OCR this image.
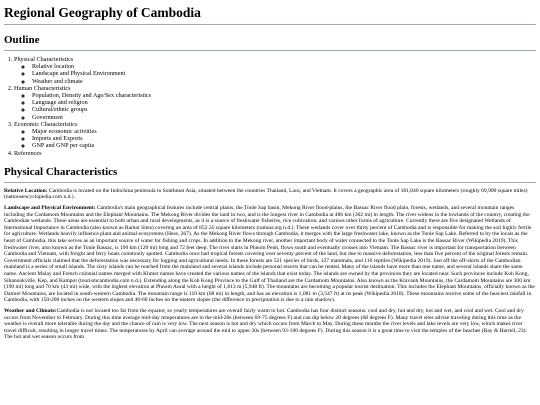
Regional Geography of Cambodia
Outline
1. Physical Characteristics
◦ Relative location
◦ Landscape and Physical Environment
◦ Weather and climate
2. Human Characteristics
◦ Population, Density and Age/Sex characteristics
◦ Language and religion
◦ Cultural/ethnic groups
◦ Government
3. Economic Characteristics
◦ Major economic activities
◦ Imports and Exports
◦ GNP and GNP per capita
4. References
Physical Characteristics

Relative Location: Cambodia is located on the Indochina peninsula in Southeast Asia, situated between the countries Thailand, Laos, and Vietnam. It covers a geographic area of 181,040 square kilometers (roughly 69,900 square miles) (nationsencyclopedia.com n.d.).

Landscape and Physical Environment: Cambodia's main geographical features include central plains, the Tonle Sap basin, Mekong River flood-plains, the Bassac River flood plain, forests, wetlands, and several mountain ranges including the Cardamom Mountains and the Elephant Mountains. The Mekong River divides the land in two, and is the longest river in Cambodia at 486 km (302 mi) in length. The river widens in the lowlands of the country, creating the Cambodian wetlands. These areas are essential to both urban and rural developments, as it is a source of freshwater fisheries, rice cultivation, and various other forms of agriculture. Currently there are five designated Wetlands of International Importance in Cambodia (also known as Ramar Sites) covering an area of 852.35 square kilometers (ramsar.org n.d.). These wetlands cover over thirty percent of Cambodia and is responsible for making the soil highly fertile for agriculture. Wetlands heavily influence plant and animal ecosystems (Hess, 267). As the Mekong River flows through Cambodia, it merges with the large freshwater lake, known as the Tonle Sap Lake. Referred to by the locals as the heart of Cambodia, this lake serves as an important source of water for fishing and crops. In addition to the Mekong river, another important body of water connected to the Tonle Sap Lake is the Bassac River (Wikipedia 2019). This freshwater river, also known as the Tonle Bassac, is 190 km (120 mi) long and 72 feet deep. The river starts in Phnom Penh, flows south and eventually crosses into Vietnam. The Bassac river is important for transportation between Cambodia and Vietnam, with freight and ferry boats commonly spotted. Cambodia once had tropical forests covering over seventy percent of the land, but due to massive deforestation, less than five percent of the original forests remain. Government officials claimed that the deforestation was necessary for logging and agricultural needs. In these forests are 521 species of birds, 127 mammals, and 116 reptiles (Wikipedia 2019). Just off the off-skirts of the Cambodian mainland is a series of small islands. The sixty islands can be reached from the mainland and several islands include personal resorts that can be rented. Many of the islands have more than one name, and several islands share the same name. Ancient Malay and French colonial names merged with Khmer names have created the various names of the islands that exist today. The islands are owned by the provinces they are located near. Such provinces include Koh Kong, Sihanoukville, Kep, and Kampot (tourismcambodia.com n.d.). Extending along the Koh Kong Province to the Gulf of Thailand are the Cardamom Mountains. Also known as the Kravanh Mountains, the Cardamom Mountains are 300 km (190 mi) long and 70 km (43 mi) wide, with the highest elevation at Phnom Aural with a height of 1,813 m (5,948 ft). The mountains are becoming a popular tourist destination. This includes the Elephant Mountains, officially known as the Damrei Mountains, are located in south-western Cambodia. The mountain range is 110 km (68 mi) in length, and has an elevation is 1,081 m (3,547 ft) at its peak (Wikipedia 2018). These mountains receive some of the heaviest rainfall in Cambodia, with 150-200 inches on the western slopes and 40-60 inches on the eastern slopes (the difference in precipitation is due to a rain shadow).

Weather and Climate:Cambodia is not located too far from the equator, so yearly temperatures are overall fairly warm to hot. Cambodia has four distinct seasons: cool and dry, hot and dry, hot and wet, and cool and wet. Cool and dry occurs from November to February. During this time average mid-day temperatures are in the mid-20s (between 69-75 degrees F) and can dip below 20 degrees (68 degrees F). Many travel sites advise traveling during this time as the weather is overall more tolerable during the day and the chance of rain is very low. The next season is hot and dry which occurs from March to May. During these months the river levels and lake levels are very low, which makes river travel difficult, resulting in longer travel times. The temperatures by April can average around the mid to upper 30s (between 93-100 degrees F). During this season it is a great time to visit the temples of the beaches (Ray & Harrell, 23). The hot and wet season occurs from
